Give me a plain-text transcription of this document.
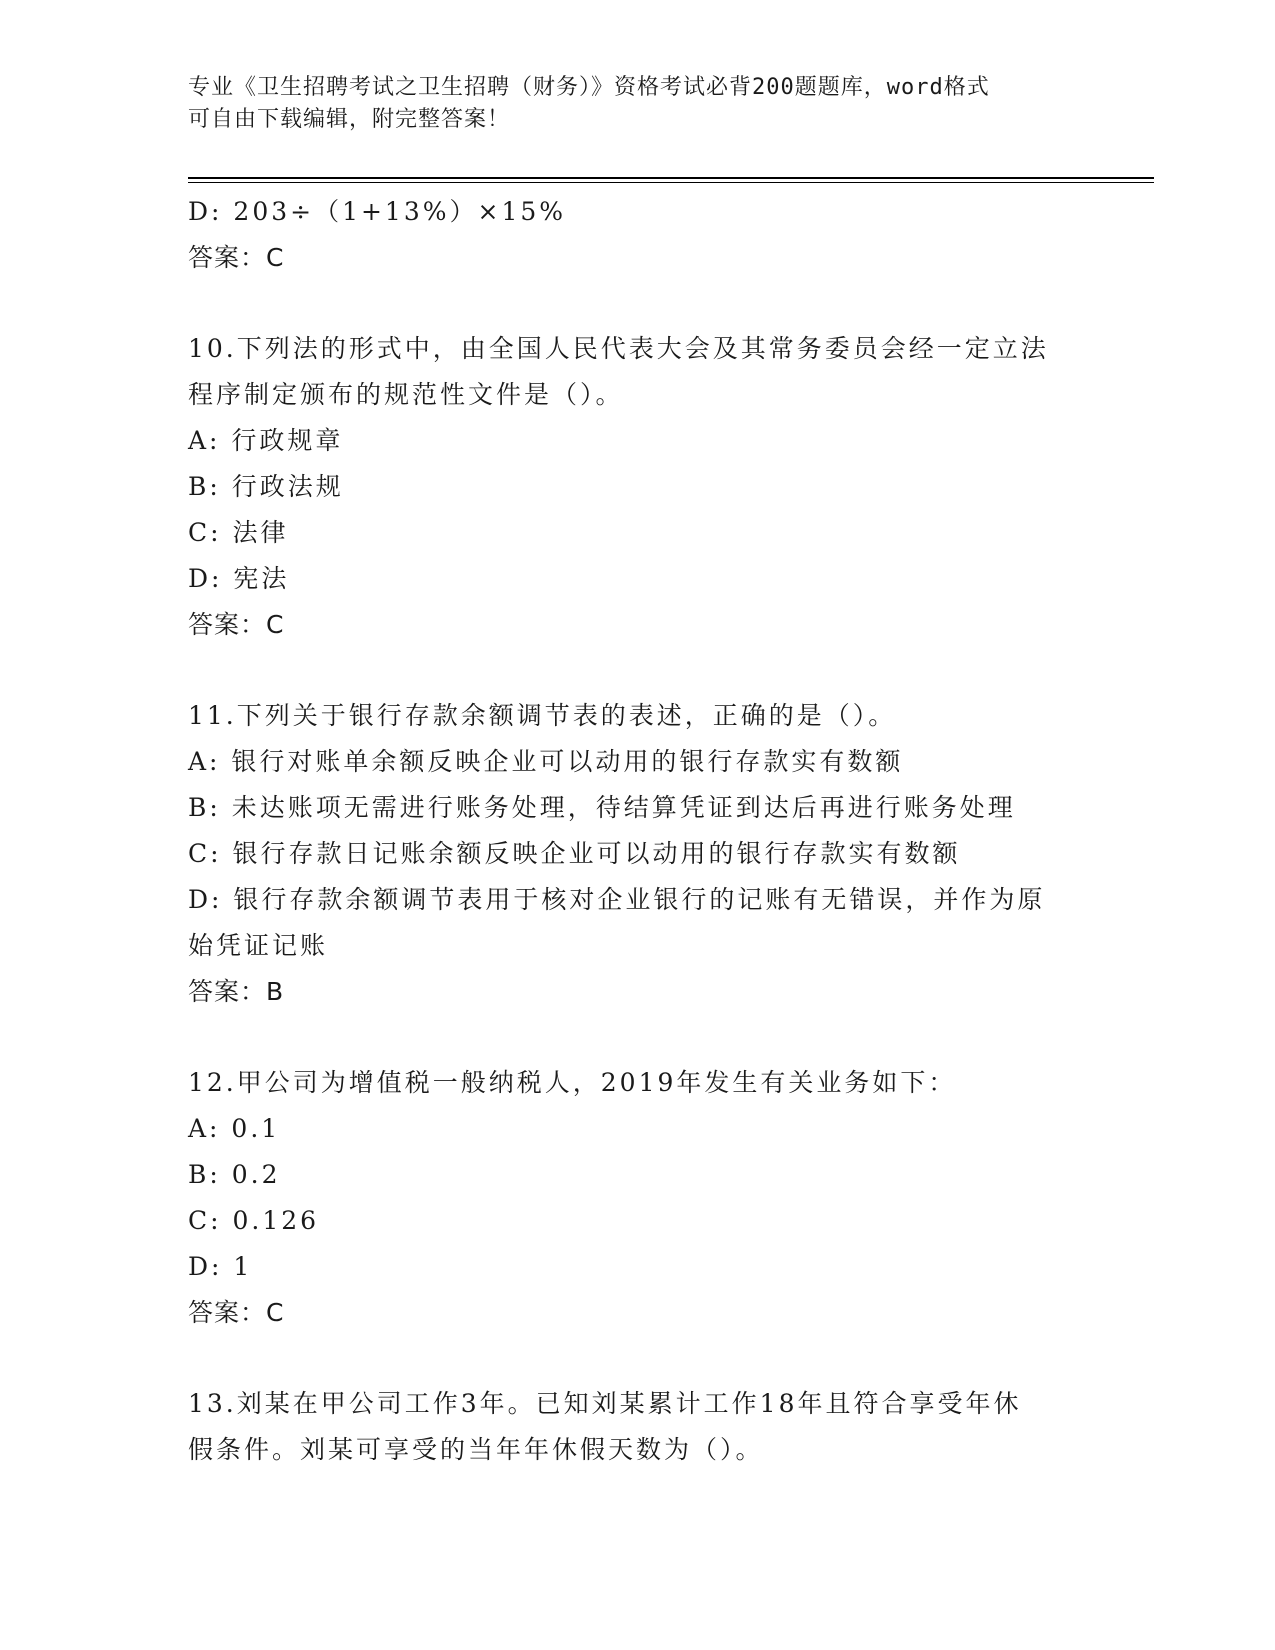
专业《卫生招聘考试之卫生招聘（财务）》资格考试必背200题题库，word格式
可自由下载编辑，附完整答案！
D: 203÷（1+13%）×15%
答案：C
10.下列法的形式中，由全国人民代表大会及其常务委员会经一定立法
程序制定颁布的规范性文件是（）。
A: 行政规章
B: 行政法规
C: 法律
D: 宪法
答案：C
11.下列关于银行存款余额调节表的表述，正确的是（）。
A: 银行对账单余额反映企业可以动用的银行存款实有数额
B: 未达账项无需进行账务处理，待结算凭证到达后再进行账务处理
C: 银行存款日记账余额反映企业可以动用的银行存款实有数额
D: 银行存款余额调节表用于核对企业银行的记账有无错误，并作为原
始凭证记账
答案：B
12.甲公司为增值税一般纳税人，2019年发生有关业务如下：
A: 0.1
B: 0.2
C: 0.126
D: 1
答案：C
13.刘某在甲公司工作3年。已知刘某累计工作18年且符合享受年休
假条件。刘某可享受的当年年休假天数为（）。
